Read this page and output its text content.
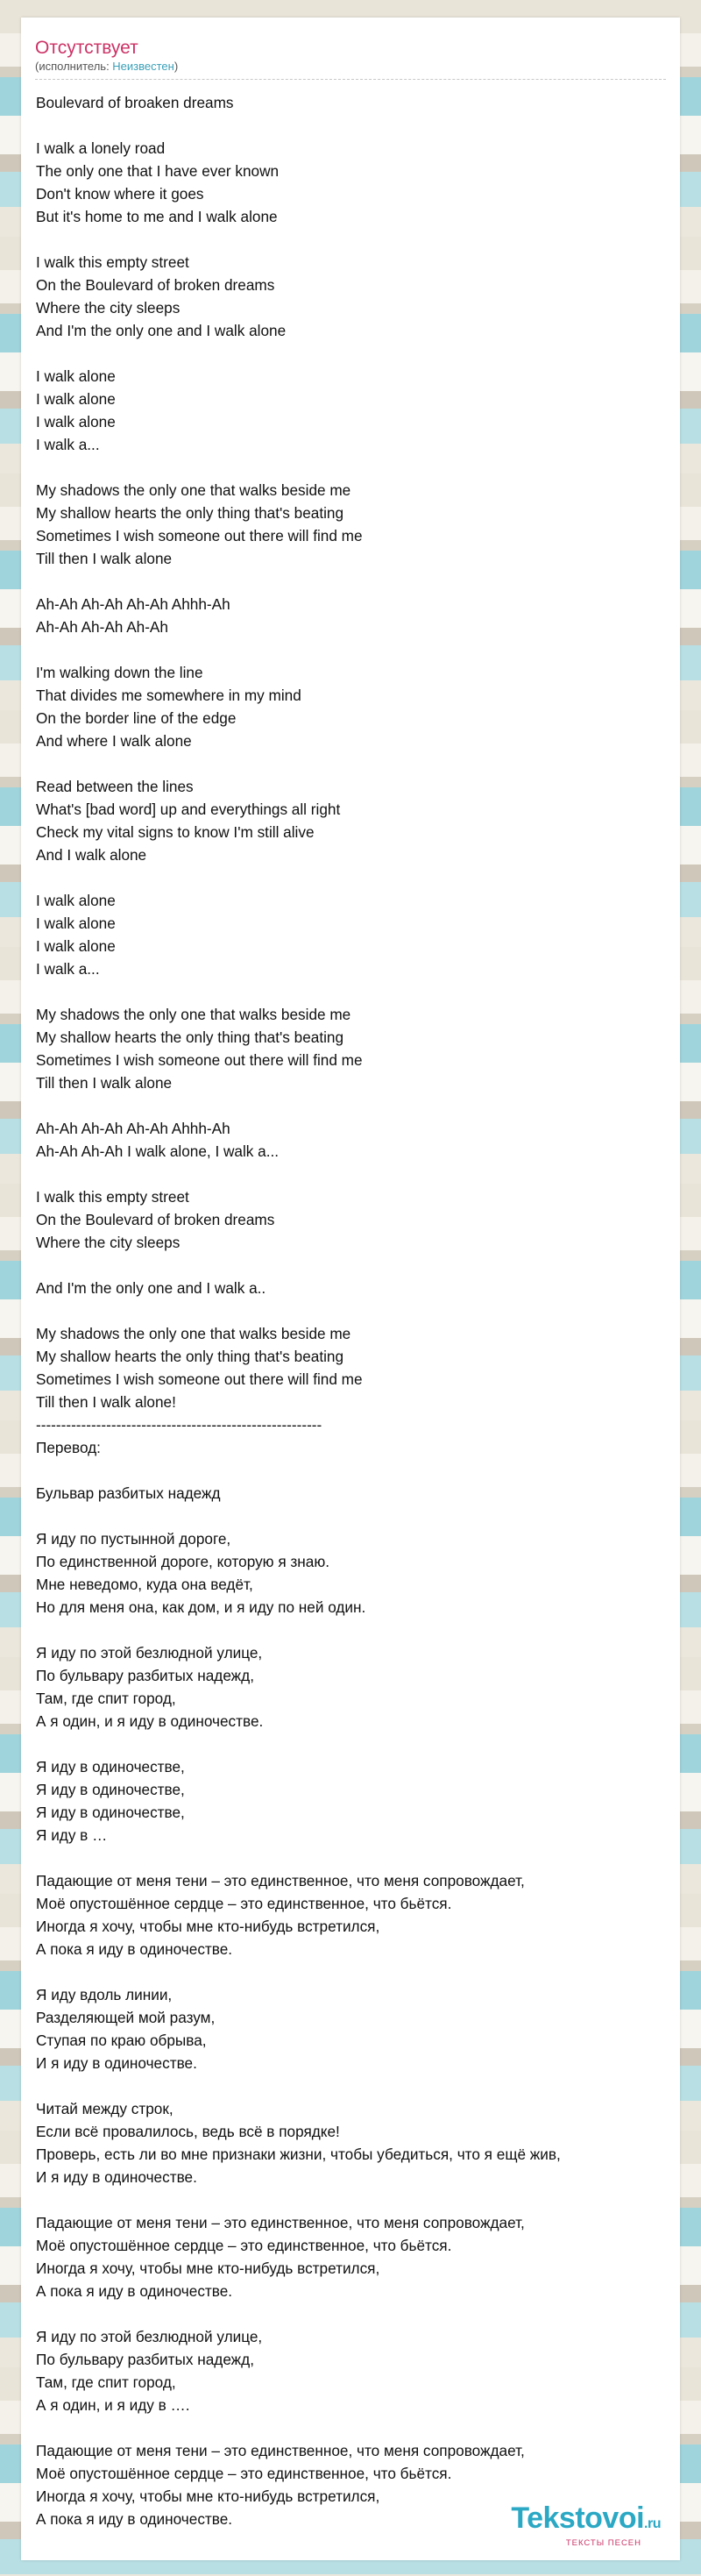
Отсутствует
(исполнитель: Неизвестен)
Boulevard of broaken dreams

I walk a lonely road
The only one that I have ever known
Don't know where it goes
But it's home to me and I walk alone

I walk this empty street
On the Boulevard of broken dreams
Where the city sleeps
And I'm the only one and I walk alone

I walk alone
I walk alone
I walk alone
I walk a...

My shadows the only one that walks beside me
My shallow hearts the only thing that's beating
Sometimes I wish someone out there will find me
Till then I walk alone

Ah-Ah Ah-Ah Ah-Ah Ahhh-Ah
Ah-Ah Ah-Ah Ah-Ah

I'm walking down the line
That divides me somewhere in my mind
On the border line of the edge
And where I walk alone

Read between the lines
What's [bad word] up and everythings all right
Check my vital signs to know I'm still alive
And I walk alone

I walk alone
I walk alone
I walk alone
I walk a...

My shadows the only one that walks beside me
My shallow hearts the only thing that's beating
Sometimes I wish someone out there will find me
Till then I walk alone

Ah-Ah Ah-Ah Ah-Ah Ahhh-Ah
Ah-Ah Ah-Ah I walk alone, I walk a...

I walk this empty street
On the Boulevard of broken dreams
Where the city sleeps

And I'm the only one and I walk a..

My shadows the only one that walks beside me
My shallow hearts the only thing that's beating
Sometimes I wish someone out there will find me
Till then I walk alone!
---------------------------------------------------------
Перевод:

Бульвар разбитых надежд

Я иду по пустынной дороге,
По единственной дороге, которую я знаю.
Мне неведомо, куда она ведёт,
Но для меня она, как дом, и я иду по ней один.

Я иду по этой безлюдной улице,
По бульвару разбитых надежд,
Там, где спит город,
А я один, и я иду в одиночестве.

Я иду в одиночестве,
Я иду в одиночестве,
Я иду в одиночестве,
Я иду в …

Падающие от меня тени – это единственное, что меня сопровождает,
Моё опустошённое сердце – это единственное, что бьётся.
Иногда я хочу, чтобы мне кто-нибудь встретился,
А пока я иду в одиночестве.

Я иду вдоль линии,
Разделяющей мой разум,
Ступая по краю обрыва,
И я иду в одиночестве.

Читай между строк,
Если всё провалилось, ведь всё в порядке!
Проверь, есть ли во мне признаки жизни, чтобы убедиться, что я ещё жив,
И я иду в одиночестве.

Падающие от меня тени – это единственное, что меня сопровождает,
Моё опустошённое сердце – это единственное, что бьётся.
Иногда я хочу, чтобы мне кто-нибудь встретился,
А пока я иду в одиночестве.

Я иду по этой безлюдной улице,
По бульвару разбитых надежд,
Там, где спит город,
А я один, и я иду в ….

Падающие от меня тени – это единственное, что меня сопровождает,
Моё опустошённое сердце – это единственное, что бьётся.
Иногда я хочу, чтобы мне кто-нибудь встретился,
А пока я иду в одиночестве.	Tekstovoi.ru
ТЕКСТЫ ПЕСЕН
